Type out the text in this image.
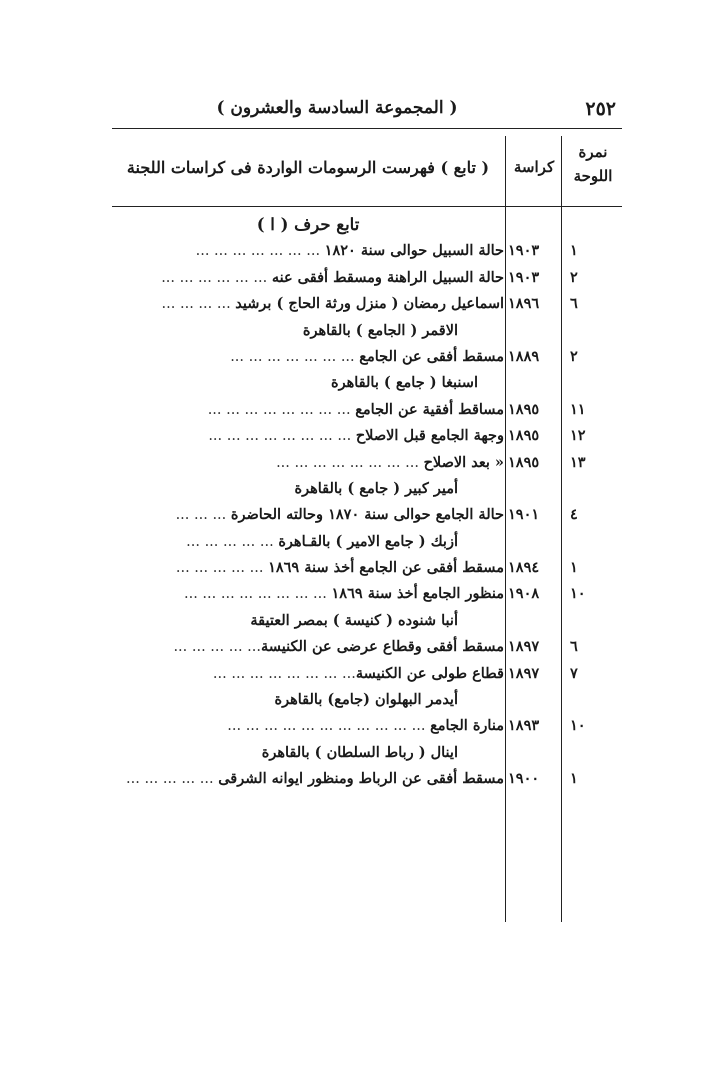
٢٥٢
( المجموعة السادسة والعشرون )
نمرة
اللوحة
كراسة
( تابع ) فهرست الرسومات الواردة فى كراسات اللجنة
تابع حرف ( ا )
١
١٩٠٣
حالة السبيل حوالى سنة ١٨٢٠ ... ... ... ... ... ... ...
٢
١٩٠٣
حالة السبيل الراهنة ومسقط أفقى عنه ... ... ... ... ... ...
٦
١٨٩٦
اسماعيل رمضان ( منزل ورثة الحاج ) برشيد ... ... ... ...
الاقمر ( الجامع ) بالقاهرة
٢
١٨٨٩
مسقط أفقى عن الجامع ... ... ... ... ... ... ...
اسنبغا ( جامع ) بالقاهرة
١١
١٨٩٥
مساقط أفقية عن الجامع ... ... ... ... ... ... ... ...
١٢
١٨٩٥
وجهة الجامع قبل الاصلاح ... ... ... ... ... ... ... ...
١٣
١٨٩٥
« بعد الاصلاح ... ... ... ... ... ... ... ...
أمير كبير ( جامع ) بالقاهرة
٤
١٩٠١
حالة الجامع حوالى سنة ١٨٧٠ وحالته الحاضرة ... ... ...
أزبك ( جامع الامير ) بالقـاهرة ... ... ... ... ...
١
١٨٩٤
مسقط أفقى عن الجامع أخذ سنة ١٨٦٩ ... ... ... ... ...
١٠
١٩٠٨
منظور الجامع أخذ سنة ١٨٦٩ ... ... ... ... ... ... ... ...
أنبا شنوده ( كنيسة ) بمصر العتيقة
٦
١٨٩٧
مسقط أفقى وقطاع عرضى عن الكنيسة... ... ... ... ...
٧
١٨٩٧
قطاع طولى عن الكنيسة... ... ... ... ... ... ... ...
أيدمر البهلوان (جامع) بالقاهرة
١٠
١٨٩٣
منارة الجامع ... ... ... ... ... ... ... ... ... ... ...
اينال ( رباط السلطان ) بالقاهرة
١
١٩٠٠
مسقط أفقى عن الرباط ومنظور ايوانه الشرقى ... ... ... ... ...
